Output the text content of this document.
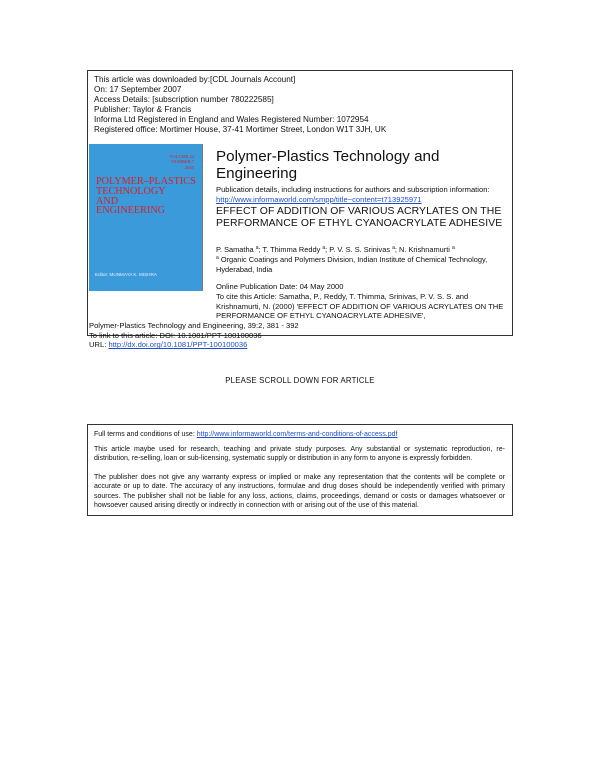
This article was downloaded by:[CDL Journals Account]
On: 17 September 2007
Access Details: [subscription number 780222585]
Publisher: Taylor & Francis
Informa Ltd Registered in England and Wales Registered Number: 1072954
Registered office: Mortimer House, 37-41 Mortimer Street, London W1T 3JH, UK
VOLUME 44
NUMBER 7
2005
POLYMER–PLASTICS
TECHNOLOGY
AND
ENGINEERING
Editor: MUNMAYA K. MISHRA
Polymer-Plastics Technology and Engineering
Publication details, including instructions for authors and subscription information:
http://www.informaworld.com/smpp/title~content=t713925971
EFFECT OF ADDITION OF VARIOUS ACRYLATES ON THE PERFORMANCE OF ETHYL CYANOACRYLATE ADHESIVE
P. Samatha $^a$; T. Thimma Reddy $^a$; P. V. S. S. Srinivas $^a$; N. Krishnamurti $^a$
$^a$ Organic Coatings and Polymers Division, Indian Institute of Chemical Technology, Hyderabad, India
Online Publication Date: 04 May 2000
To cite this Article: Samatha, P., Reddy, T. Thimma, Srinivas, P. V. S. S. and Krishnamurti, N. (2000) 'EFFECT OF ADDITION OF VARIOUS ACRYLATES ON THE PERFORMANCE OF ETHYL CYANOACRYLATE ADHESIVE',
Polymer-Plastics Technology and Engineering, 39:2, 381 - 392
To link to this article: DOI: 10.1081/PPT-100100036
URL: http://dx.doi.org/10.1081/PPT-100100036
PLEASE SCROLL DOWN FOR ARTICLE
Full terms and conditions of use: http://www.informaworld.com/terms-and-conditions-of-access.pdf
This article maybe used for research, teaching and private study purposes. Any substantial or systematic reproduction, re-distribution, re-selling, loan or sub-licensing, systematic supply or distribution in any form to anyone is expressly forbidden.
The publisher does not give any warranty express or implied or make any representation that the contents will be complete or accurate or up to date. The accuracy of any instructions, formulae and drug doses should be independently verified with primary sources. The publisher shall not be liable for any loss, actions, claims, proceedings, demand or costs or damages whatsoever or howsoever caused arising directly or indirectly in connection with or arising out of the use of this material.
